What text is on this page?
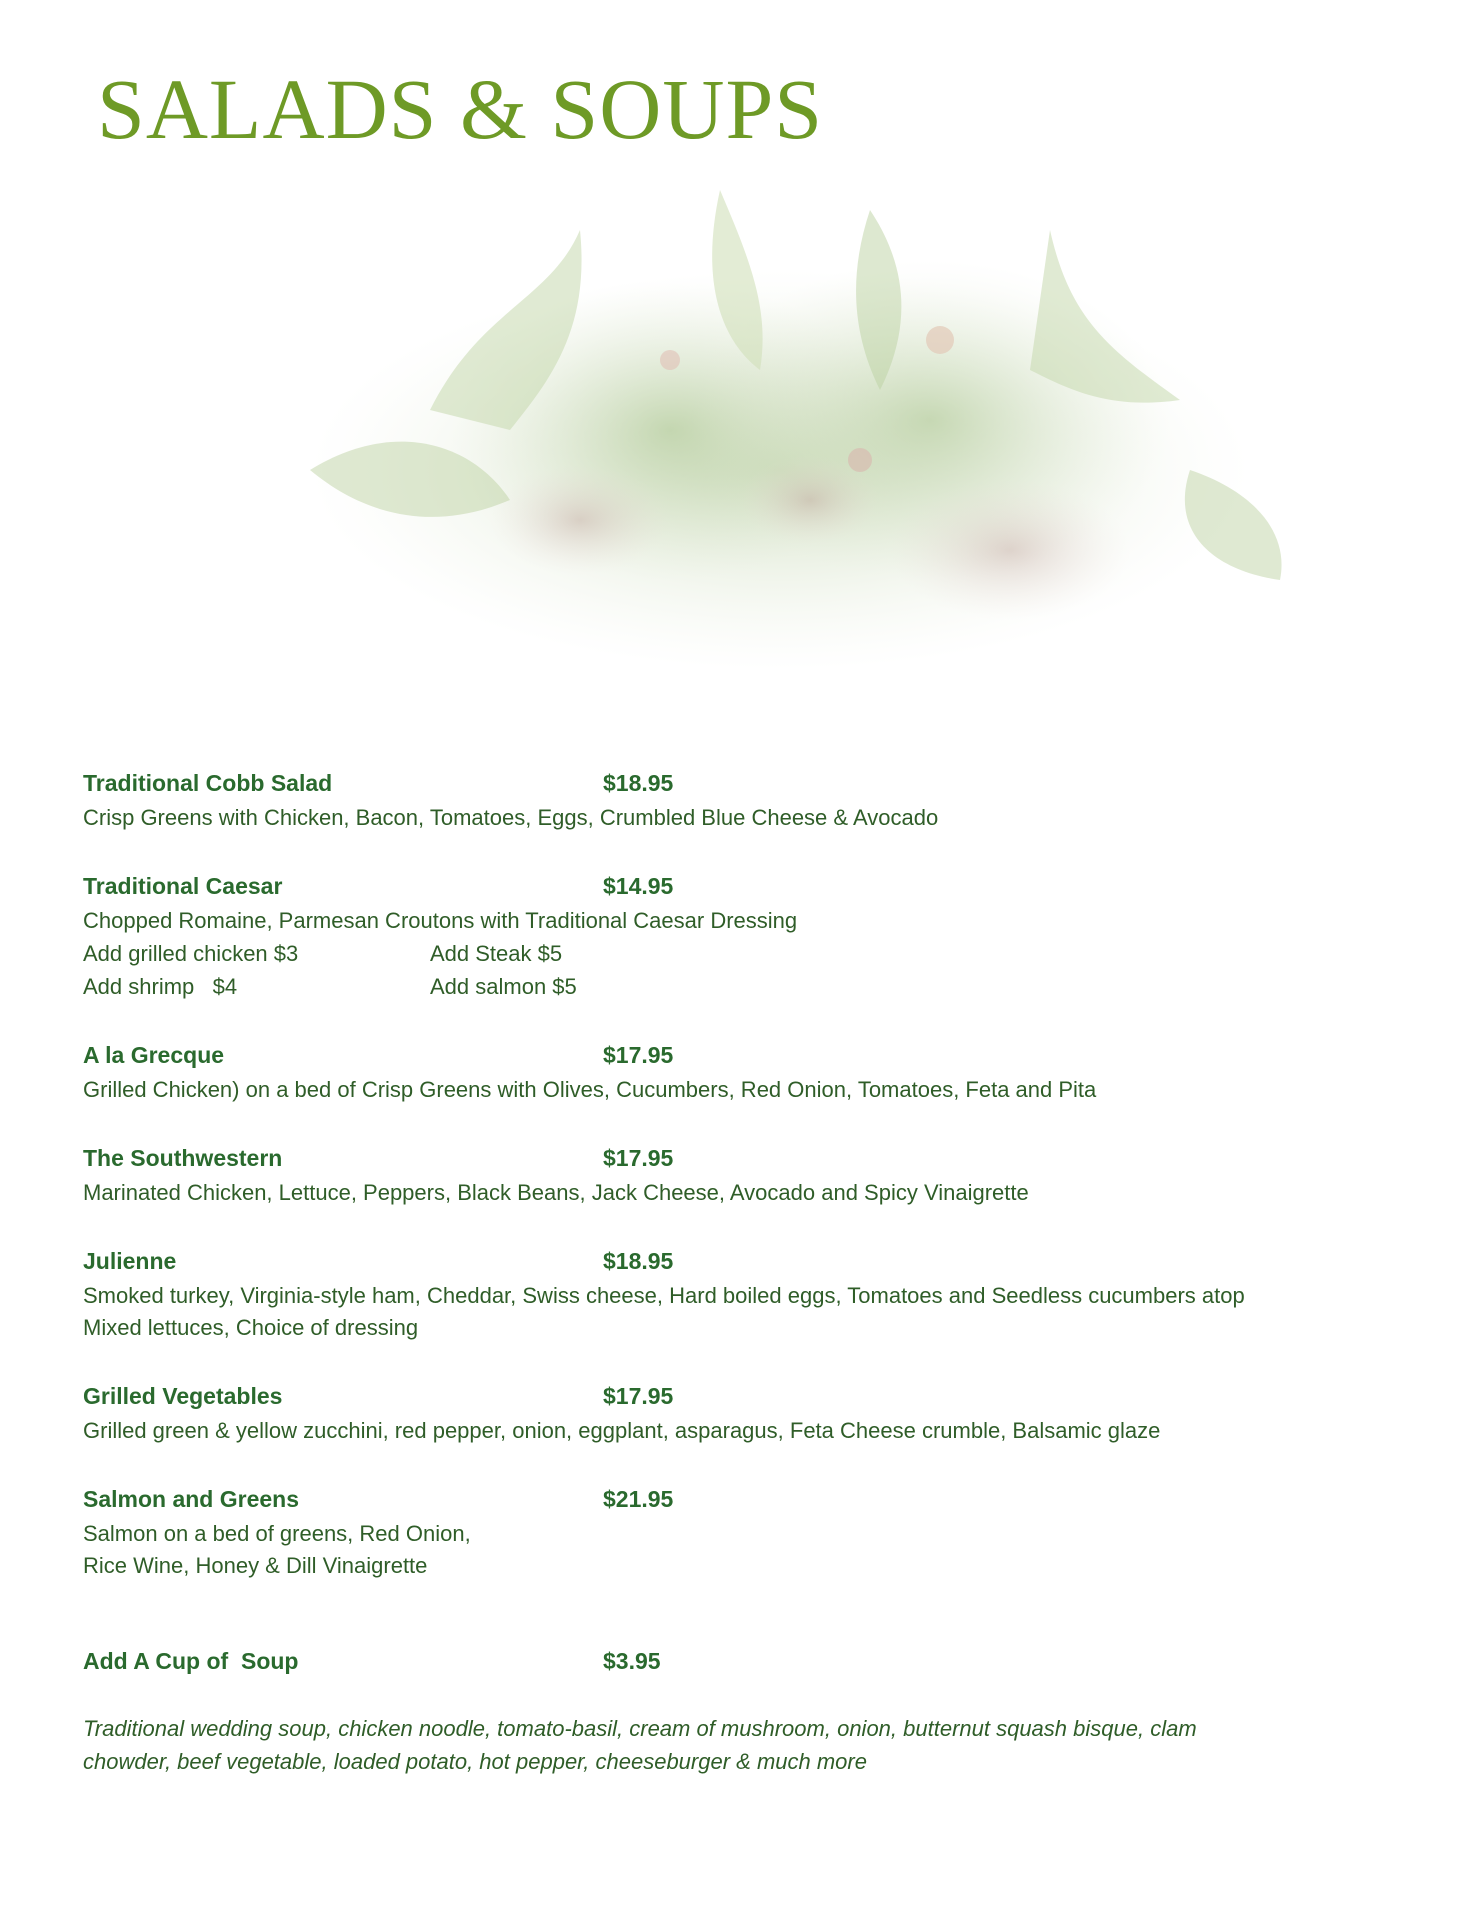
SALADS & SOUPS
Traditional Cobb Salad	$18.95
Crisp Greens with Chicken, Bacon, Tomatoes, Eggs, Crumbled Blue Cheese & Avocado
Traditional Caesar	$14.95
Chopped Romaine, Parmesan Croutons with Traditional Caesar Dressing
Add grilled chicken $3	Add Steak $5
Add shrimp   $4	Add salmon $5
A la Grecque	$17.95
Grilled Chicken) on a bed of Crisp Greens with Olives, Cucumbers, Red Onion, Tomatoes, Feta and Pita
The Southwestern	$17.95
Marinated Chicken, Lettuce, Peppers, Black Beans, Jack Cheese, Avocado and Spicy Vinaigrette
Julienne	$18.95
Smoked turkey, Virginia-style ham, Cheddar, Swiss cheese, Hard boiled eggs, Tomatoes and Seedless cucumbers atop
Mixed lettuces, Choice of dressing
Grilled Vegetables	$17.95
Grilled green & yellow zucchini, red pepper, onion, eggplant, asparagus, Feta Cheese crumble, Balsamic glaze
Salmon and Greens	$21.95
Salmon on a bed of greens, Red Onion,
Rice Wine, Honey & Dill Vinaigrette
Add A Cup of  Soup	$3.95
Traditional wedding soup, chicken noodle, tomato-basil, cream of mushroom, onion, butternut squash bisque, clam
chowder, beef vegetable, loaded potato, hot pepper, cheeseburger & much more
